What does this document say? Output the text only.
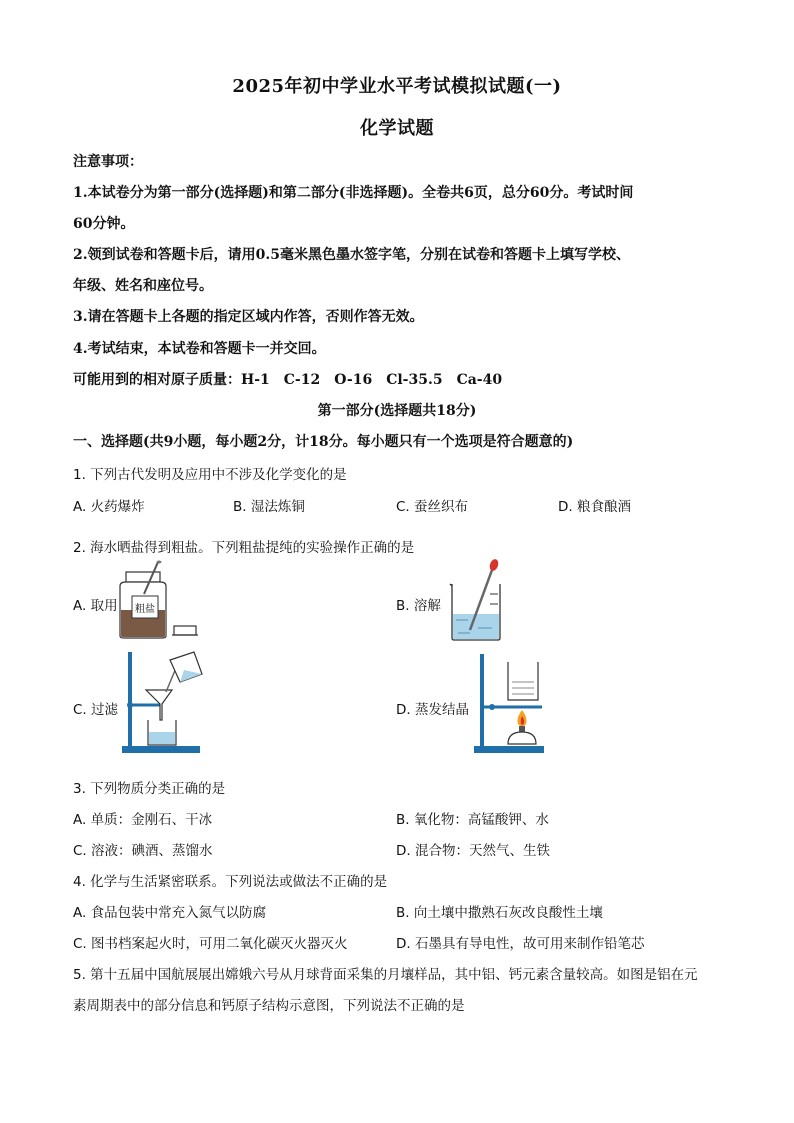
2025年初中学业水平考试模拟试题(一)
化学试题
注意事项：
1.本试卷分为第一部分(选择题)和第二部分(非选择题)。全卷共6页，总分60分。考试时间
60分钟。
2.领到试卷和答题卡后，请用0.5毫米黑色墨水签字笔，分别在试卷和答题卡上填写学校、
年级、姓名和座位号。
3.请在答题卡上各题的指定区域内作答，否则作答无效。
4.考试结束，本试卷和答题卡一并交回。
可能用到的相对原子质量：H-1　C-12　O-16　Cl-35.5　Ca-40
第一部分(选择题共18分)
一、选择题(共9小题，每小题2分，计18分。每小题只有一个选项是符合题意的)
1. 下列古代发明及应用中不涉及化学变化的是
A. 火药爆炸	B. 湿法炼铜	C. 蚕丝织布	D. 粮食酿酒
2. 海水晒盐得到粗盐。下列粗盐提纯的实验操作正确的是
A. 取用	B. 溶解
C. 过滤	D. 蒸发结晶
粗盐
3. 下列物质分类正确的是
A. 单质：金刚石、干冰	B. 氧化物：高锰酸钾、水
C. 溶液：碘酒、蒸馏水	D. 混合物：天然气、生铁
4. 化学与生活紧密联系。下列说法或做法不正确的是
A. 食品包装中常充入氮气以防腐	B. 向土壤中撒熟石灰改良酸性土壤
C. 图书档案起火时，可用二氧化碳灭火器灭火	D. 石墨具有导电性，故可用来制作铅笔芯
5. 第十五届中国航展展出嫦娥六号从月球背面采集的月壤样品，其中铝、钙元素含量较高。如图是铝在元
素周期表中的部分信息和钙原子结构示意图，下列说法不正确的是
